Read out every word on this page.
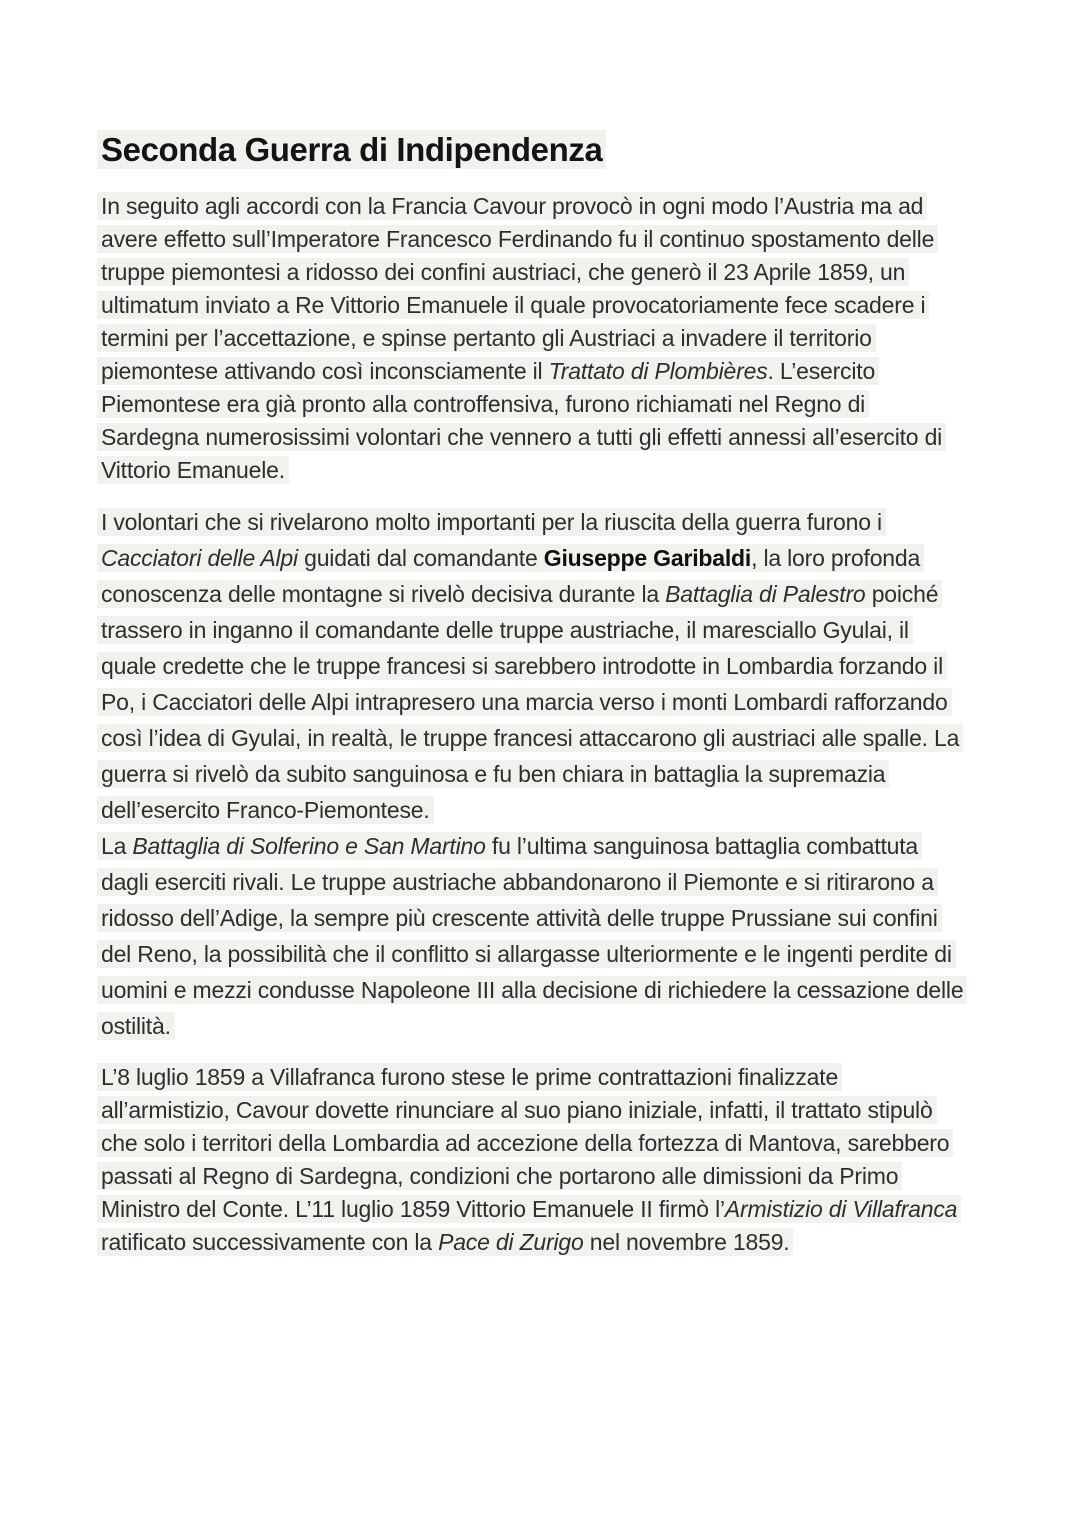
Seconda Guerra di Indipendenza

In seguito agli accordi con la Francia Cavour provocò in ogni modo l’Austria ma ad avere effetto sull’Imperatore Francesco Ferdinando fu il continuo spostamento delle truppe piemontesi a ridosso dei confini austriaci, che generò il 23 Aprile 1859, un ultimatum inviato a Re Vittorio Emanuele il quale provocatoriamente fece scadere i termini per l’accettazione, e spinse pertanto gli Austriaci a invadere il territorio piemontese attivando così inconsciamente il Trattato di Plombières. L’esercito Piemontese era già pronto alla controffensiva, furono richiamati nel Regno di Sardegna numerosissimi volontari che vennero a tutti gli effetti annessi all’esercito di Vittorio Emanuele.

I volontari che si rivelarono molto importanti per la riuscita della guerra furono i Cacciatori delle Alpi guidati dal comandante Giuseppe Garibaldi, la loro profonda conoscenza delle montagne si rivelò decisiva durante la Battaglia di Palestro poiché trassero in inganno il comandante delle truppe austriache, il maresciallo Gyulai, il quale credette che le truppe francesi si sarebbero introdotte in Lombardia forzando il Po, i Cacciatori delle Alpi intrapresero una marcia verso i monti Lombardi rafforzando così l’idea di Gyulai, in realtà, le truppe francesi attaccarono gli austriaci alle spalle. La guerra si rivelò da subito sanguinosa e fu ben chiara in battaglia la supremazia dell’esercito Franco-Piemontese.
La Battaglia di Solferino e San Martino fu l’ultima sanguinosa battaglia combattuta dagli eserciti rivali. Le truppe austriache abbandonarono il Piemonte e si ritirarono a ridosso dell’Adige, la sempre più crescente attività delle truppe Prussiane sui confini del Reno, la possibilità che il conflitto si allargasse ulteriormente e le ingenti perdite di uomini e mezzi condusse Napoleone III alla decisione di richiedere la cessazione delle ostilità.

L’8 luglio 1859 a Villafranca furono stese le prime contrattazioni finalizzate all’armistizio, Cavour dovette rinunciare al suo piano iniziale, infatti, il trattato stipulò che solo i territori della Lombardia ad accezione della fortezza di Mantova, sarebbero passati al Regno di Sardegna, condizioni che portarono alle dimissioni da Primo Ministro del Conte. L’11 luglio 1859 Vittorio Emanuele II firmò l’Armistizio di Villafranca ratificato successivamente con la Pace di Zurigo nel novembre 1859.
